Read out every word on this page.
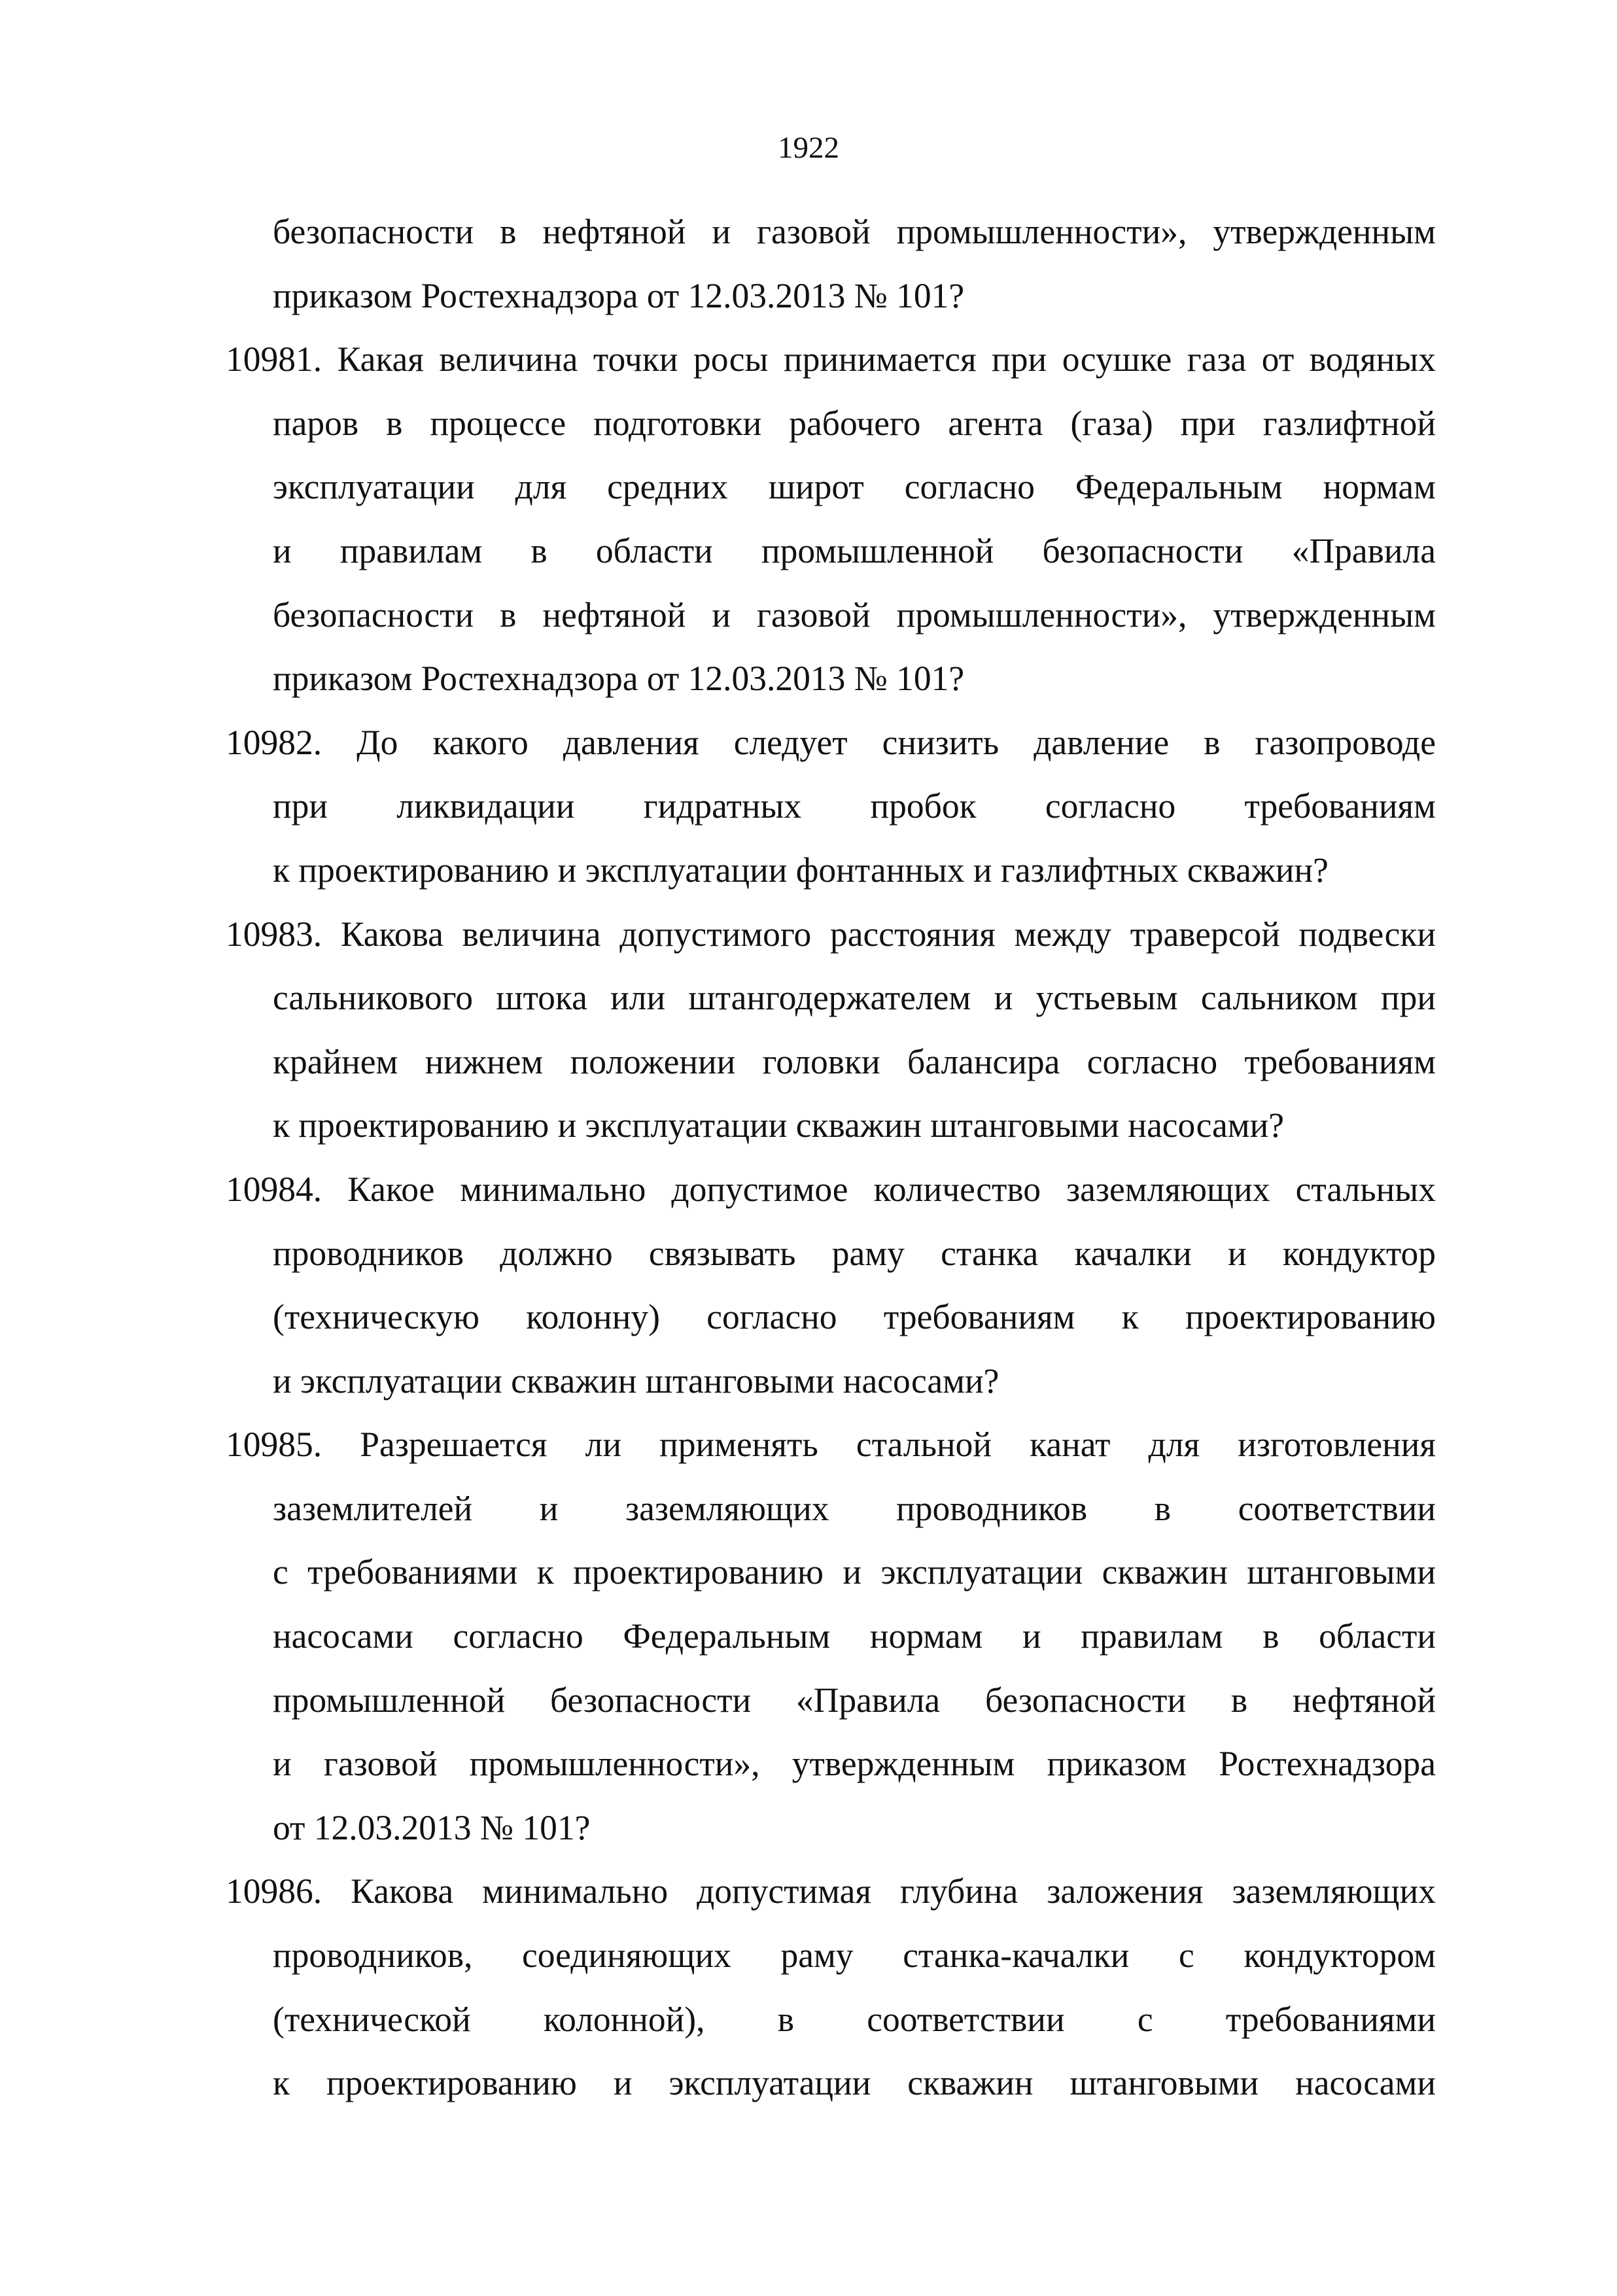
1922
безопасности в нефтяной и газовой промышленности», утвержденным
приказом Ростехнадзора от 12.03.2013 № 101?
10981. Какая величина точки росы принимается при осушке газа от водяных
паров в процессе подготовки рабочего агента (газа) при газлифтной
эксплуатации для средних широт согласно Федеральным нормам
и правилам в области промышленной безопасности «Правила
безопасности в нефтяной и газовой промышленности», утвержденным
приказом Ростехнадзора от 12.03.2013 № 101?
10982. До какого давления следует снизить давление в газопроводе
при ликвидации гидратных пробок согласно требованиям
к проектированию и эксплуатации фонтанных и газлифтных скважин?
10983. Какова величина допустимого расстояния между траверсой подвески
сальникового штока или штангодержателем и устьевым сальником при
крайнем нижнем положении головки балансира согласно требованиям
к проектированию и эксплуатации скважин штанговыми насосами?
10984. Какое минимально допустимое количество заземляющих стальных
проводников должно связывать раму станка качалки и кондуктор
(техническую колонну) согласно требованиям к проектированию
и эксплуатации скважин штанговыми насосами?
10985. Разрешается ли применять стальной канат для изготовления
заземлителей и заземляющих проводников в соответствии
с требованиями к проектированию и эксплуатации скважин штанговыми
насосами согласно Федеральным нормам и правилам в области
промышленной безопасности «Правила безопасности в нефтяной
и газовой промышленности», утвержденным приказом Ростехнадзора
от 12.03.2013 № 101?
10986. Какова минимально допустимая глубина заложения заземляющих
проводников, соединяющих раму станка-качалки с кондуктором
(технической колонной), в соответствии с требованиями
к проектированию и эксплуатации скважин штанговыми насосами
